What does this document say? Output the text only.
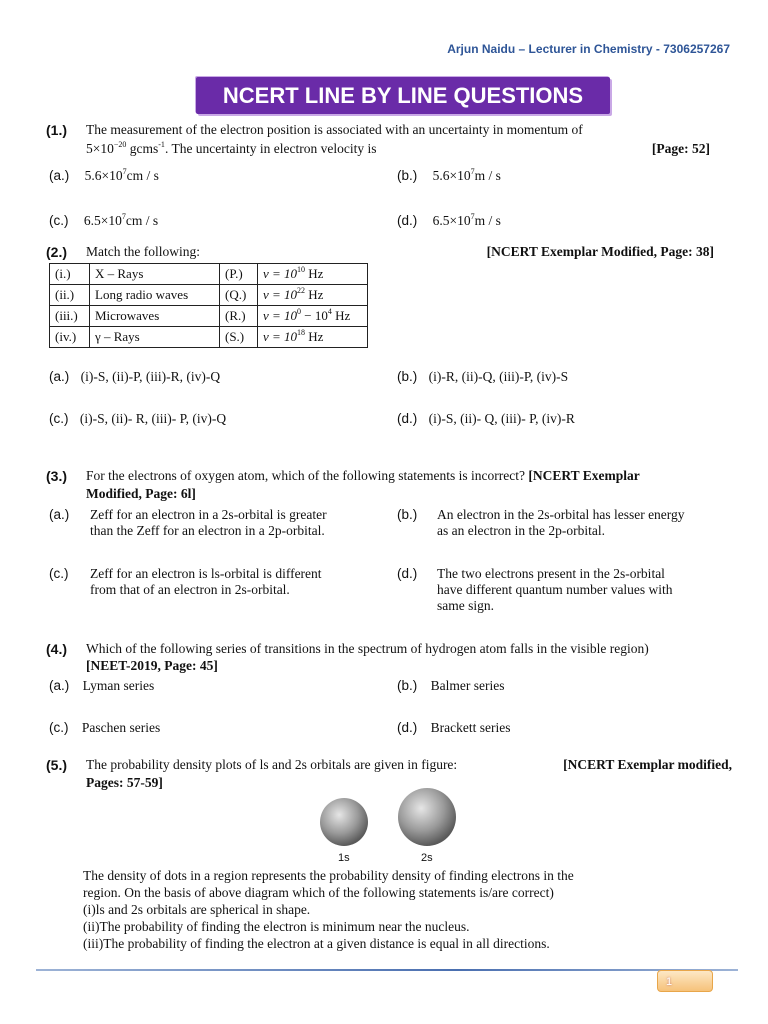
Arjun Naidu – Lecturer in Chemistry - 7306257267
NCERT LINE BY LINE QUESTIONS
(1.) The measurement of the electron position is associated with an uncertainty in momentum of
$5\times 10^{-20}$ gcms$^{-1}$. The uncertainty in electron velocity is	[Page: 52]
(a.) $5.6\times 10^7cm / s$	(b.) $5.6\times 10^7m / s$
(c.) $6.5\times 10^7cm / s$	(d.) $6.5\times 10^7m / s$
(2.) Match the following:	[NCERT Exemplar Modified, Page: 38]
(i.)	X – Rays	(P.)	$\nu = 10^{10}$ Hz
(ii.)	Long radio waves	(Q.)	$\nu = 10^{22}$ Hz
(iii.)	Microwaves	(R.)	$\nu = 10^0 - 10^4$ Hz
(iv.)	γ – Rays	(S.)	$\nu = 10^{18}$ Hz
(a.) (i)-S, (ii)-P, (iii)-R, (iv)-Q	(b.) (i)-R, (ii)-Q, (iii)-P, (iv)-S
(c.) (i)-S, (ii)- R, (iii)- P, (iv)-Q	(d.) (i)-S, (ii)- Q, (iii)- P, (iv)-R
(3.) For the electrons of oxygen atom, which of the following statements is incorrect? [NCERT Exemplar
Modified, Page: 6l]
(a.) Zeff for an electron in a 2s-orbital is greater
than the Zeff for an electron in a 2p-orbital.
(b.) An electron in the 2s-orbital has lesser energy
as an electron in the 2p-orbital.
(c.) Zeff for an electron is ls-orbital is different
from that of an electron in 2s-orbital.
(d.) The two electrons present in the 2s-orbital
have different quantum number values with
same sign.
(4.) Which of the following series of transitions in the spectrum of hydrogen atom falls in the visible region)
[NEET-2019, Page: 45]
(a.) Lyman series	(b.) Balmer series
(c.) Paschen series	(d.) Brackett series
(5.) The probability density plots of ls and 2s orbitals are given in figure:	[NCERT Exemplar modified,
Pages: 57-59]
1s	2s
The density of dots in a region represents the probability density of finding electrons in the
region. On the basis of above diagram which of the following statements is/are correct)
(i)ls and 2s orbitals are spherical in shape.
(ii)The probability of finding the electron is minimum near the nucleus.
(iii)The probability of finding the electron at a given distance is equal in all directions.
1
